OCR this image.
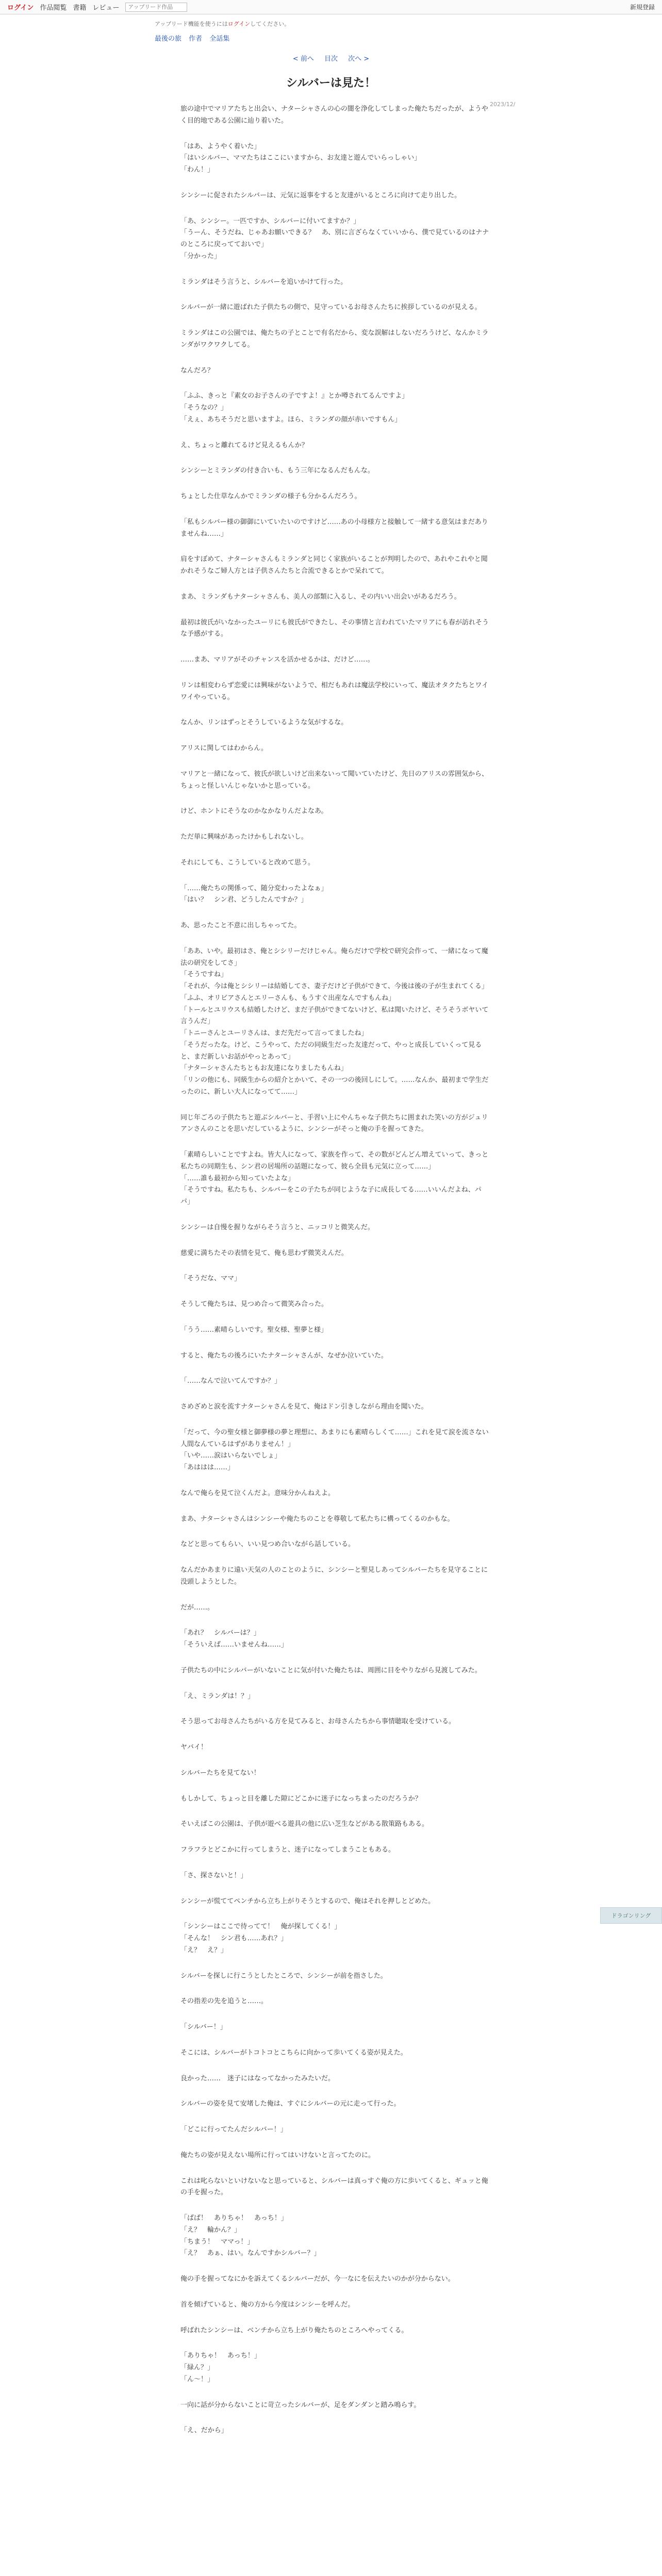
ログイン 作品閲覧 書籍 レビュー
アップリード作品	新規登録
アップリード機能を使うにはログインしてください。
最後の旅 作者 全話集
< 前へ 目次 次へ >
2023/12/
シルバーは見た！

旅の途中でマリアたちと出会い、ナターシャさんの心の闇を浄化してしまった俺たちだったが、ようやく目的地である公園に辿り着いた。

「はあ、ようやく着いた」
「はいシルバー、ママたちはここにいますから、お友達と遊んでいらっしゃい」
「わん！」

シンシーに促されたシルバーは、元気に返事をすると友達がいるところに向けて走り出した。

「あ、シンシー。一匹ですか、シルバーに付いてますか？」
「うーん、そうだね、じゃあお願いできる？　あ、別に言ざらなくていいから、僕で見ているのはナナのところに戻ってておいで」
「分かった」

ミランダはそう言うと、シルバーを追いかけて行った。

シルバーが一緒に遊ばれた子供たちの側で、見守っているお母さんたちに挨拶しているのが見える。

ミランダはこの公園では、俺たちの子とことで有名だから、変な誤解はしないだろうけど、なんかミランダがワクワクしてる。

なんだろ？

「ふふ、きっと『素女のお子さんの子ですよ！』とか噂されてるんですよ」
「そうなの？」
「えぇ、あちそうだと思いますよ。ほら、ミランダの顔が赤いですもん」

え、ちょっと離れてるけど見えるもんか？

シンシーとミランダの付き合いも、もう三年になるんだもんな。

ちょとした仕草なんかでミランダの様子も分かるんだろう。

「私もシルバー様の御御にいていたいのですけど……あの小母様方と接触して一緒する意気はまだありませんね……」

肩をすぼめて、ナターシャさんもミランダと同じく家族がいることが判明したので、あれやこれやと聞かれそうなご婦人方とは子供さんたちと合流できるとかで呆れてて。

まあ、ミランダもナターシャさんも、美人の部類に入るし、その内いい出会いがあるだろう。

最初は彼氏がいなかったユーリにも彼氏ができたし、その事情と言われていたマリアにも春が訪れそうな予感がする。

……まあ、マリアがそのチャンスを活かせるかは、だけど……。

リンは相変わらず恋愛には興味がないようで、相だもあれは魔法学校にいって、魔法オタクたちとワイワイやっている。

なんか、リンはずっとそうしているような気がするな。

アリスに関してはわからん。

マリアと一緒になって、彼氏が欲しいけど出来ないって聞いていたけど、先日のアリスの雰囲気から、ちょっと怪しいんじゃないかと思っている。

けど、ホントにそうなのかなかなりんだよなあ。

ただ単に興味があったけかもしれないし。

それにしても、こうしていると改めて思う。

「……俺たちの関係って、随分変わったよなぁ」
「はい？　シン君、どうしたんですか？」

あ、思ったこと不意に出しちゃってた。

「ああ、いや。最初はさ、俺とシシリーだけじゃん。俺らだけで学校で研究会作って、一緒になって魔法の研究をしてさ」
「そうですね」
「それが、今は俺とシシリーは結婚してさ、妻子だけど子供ができて、今後は後の子が生まれてくる」
「ふふ、オリビアさんとエリーさんも、もうすぐ出産なんですもんね」
「トールとユリウスも結婚したけど、まだ子供ができてないけど、私は聞いたけど、そうそうボヤいて言うんだ」
「トニーさんとユーリさんは、まだ先だって言ってましたね」
「そうだったな。けど、こうやって、ただの同級生だった友達だって、やっと成長していくって見ると、まだ新しいお話がやっとあって」
「ナターシャさんたちともお友達になりましたもんね」
「リンの他にも、同級生からの紹介とかいて、その一つの後回しにして。……なんか、最初まで学生だったのに、新しい大人になってて……」

同じ年ごろの子供たちと遊ぶシルバーと、手習い上にやんちゃな子供たちに囲まれた笑いの方がジュリアンさんのことを思いだしているように、シンシーがそっと俺の手を握ってきた。

「素晴らしいことですよね。皆大人になって、家族を作って、その数がどんどん増えていって、きっと私たちの同期生も、シン君の居場所の話題になって、彼ら全員も元気に立って……」
「……誰も最初から知っていたよな」
「そうですね。私たちも、シルバーをこの子たちが同じような子に成長してる……いいんだよね、パパ」

シンシーは自慢を握りながらそう言うと、ニッコリと微笑んだ。

慈愛に満ちたその表情を見て、俺も思わず微笑えんだ。

「そうだな、ママ」

そうして俺たちは、見つめ合って微笑み合った。

「うう……素晴らしいです。聖女様、聖夢と様」

すると、俺たちの後ろにいたナターシャさんが、なぜか泣いていた。

「……なんで泣いてんですか？」

さめざめと涙を流すナターシャさんを見て、俺はドン引きしながら理由を聞いた。

「だって、今の聖女様と御夢様の夢と理想に、あまりにも素晴らしくて……」これを見て涙を流さない人間なんているはずがありません！」
「いや……涙はいらないでしょ」
「あははは……」

なんで俺らを見て泣くんだよ。意味分かんねえよ。

まあ、ナターシャさんはシンシーや俺たちのことを尊敬して私たちに構ってくるのかもな。

などと思ってもらい、いい見つめ合いながら話している。

なんだかあまりに遠い天気の人のことのように、シンシーと聖見しあってシルバーたちを見守ることに没頭しようとした。

だが……。

「あれ？　シルバーは？」
「そういえば……いませんね……」

子供たちの中にシルバーがいないことに気が付いた俺たちは、周囲に目をやりながら見渡してみた。

「え、ミランダは！？」

そう思ってお母さんたちがいる方を見てみると、お母さんたちから事情聴取を受けている。

ヤバイ！

シルバーたちを見てない！

もしかして、ちょっと目を離した隙にどこかに迷子になっちまったのだろうか？

そいえばこの公園は、子供が遊べる遊具の他に広い芝生などがある散策路もある。

フラフラとどこかに行ってしまうと、迷子になってしまうこともある。

「さ、探さないと！」

シンシーが慌ててペンチから立ち上がりそうとするので、俺はそれを押しとどめた。

「シンシーはここで待ってて！　俺が探してくる！」
「そんな！　シン君も……あれ？」
「え？　え？」

シルバーを探しに行こうとしたところで、シンシーが前を指さした。

その指差の先を追うと……。

「シルバー！」

そこには、シルバーがトコトコとこちらに向かって歩いてくる姿が見えた。

良かった……　迷子にはなってなかったみたいだ。

シルバーの姿を見て安堵した俺は、すぐにシルバーの元に走って行った。

「どこに行ってたんだシルバー！」

俺たちの姿が見えない場所に行ってはいけないと言ってたのに。

これは叱らないといけないなと思っていると、シルバーは真っすぐ俺の方に歩いてくると、ギュッと俺の手を握った。

「ぱぱ！　ありちゃ！　あっち！」
「え？　輪かん？」
「ちまう！　ママっ！」
「え？　あぁ、はい。なんですかシルバー？」

俺の手を握ってなにかを訴えてくるシルバーだが、今一なにを伝えたいのかが分からない。

首を傾げていると、俺の方から今度はシンシーを呼んだ。

呼ばれたシンシーは、ベンチから立ち上がり俺たちのところへやってくる。

「ありちゃ！　あっち！」
「緑ん？」
「ん～！」

一向に話が分からないことに苛立ったシルバーが、足をダンダンと踏み鳴らす。

「え、だから」

ドラゴンリング
